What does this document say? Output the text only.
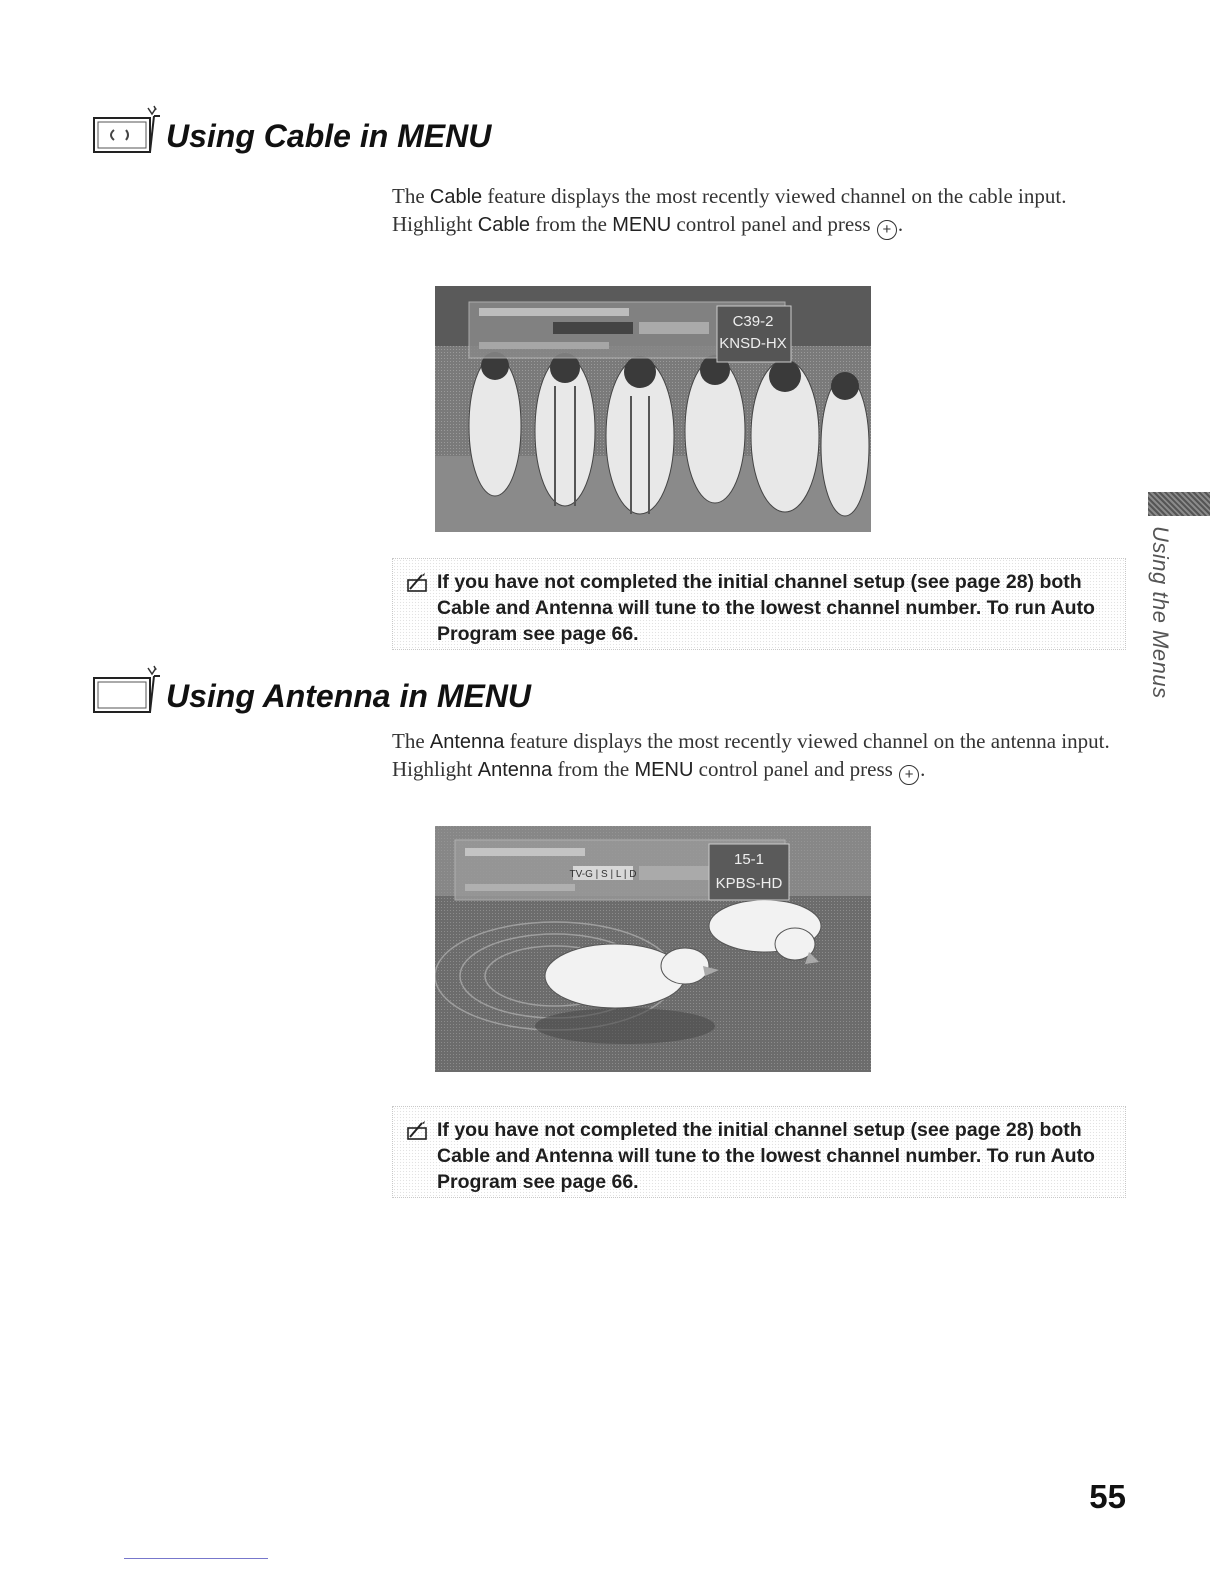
Using Cable in MENU
The Cable feature displays the most recently viewed channel on the cable input.
Highlight Cable from the MENU control panel and press + .
C39-2
KNSD-HX

If you have not completed the initial channel setup (see page 28) both Cable and Antenna will tune to the lowest channel number. To run Auto Program see page 66.

Using Antenna in MENU
The Antenna feature displays the most recently viewed channel on the antenna input.
Highlight Antenna from the MENU control panel and press + .
TV-G | S | L | D
15-1
KPBS-HD

If you have not completed the initial channel setup (see page 28) both Cable and Antenna will tune to the lowest channel number. To run Auto Program see page 66.

Using the Menus
55
